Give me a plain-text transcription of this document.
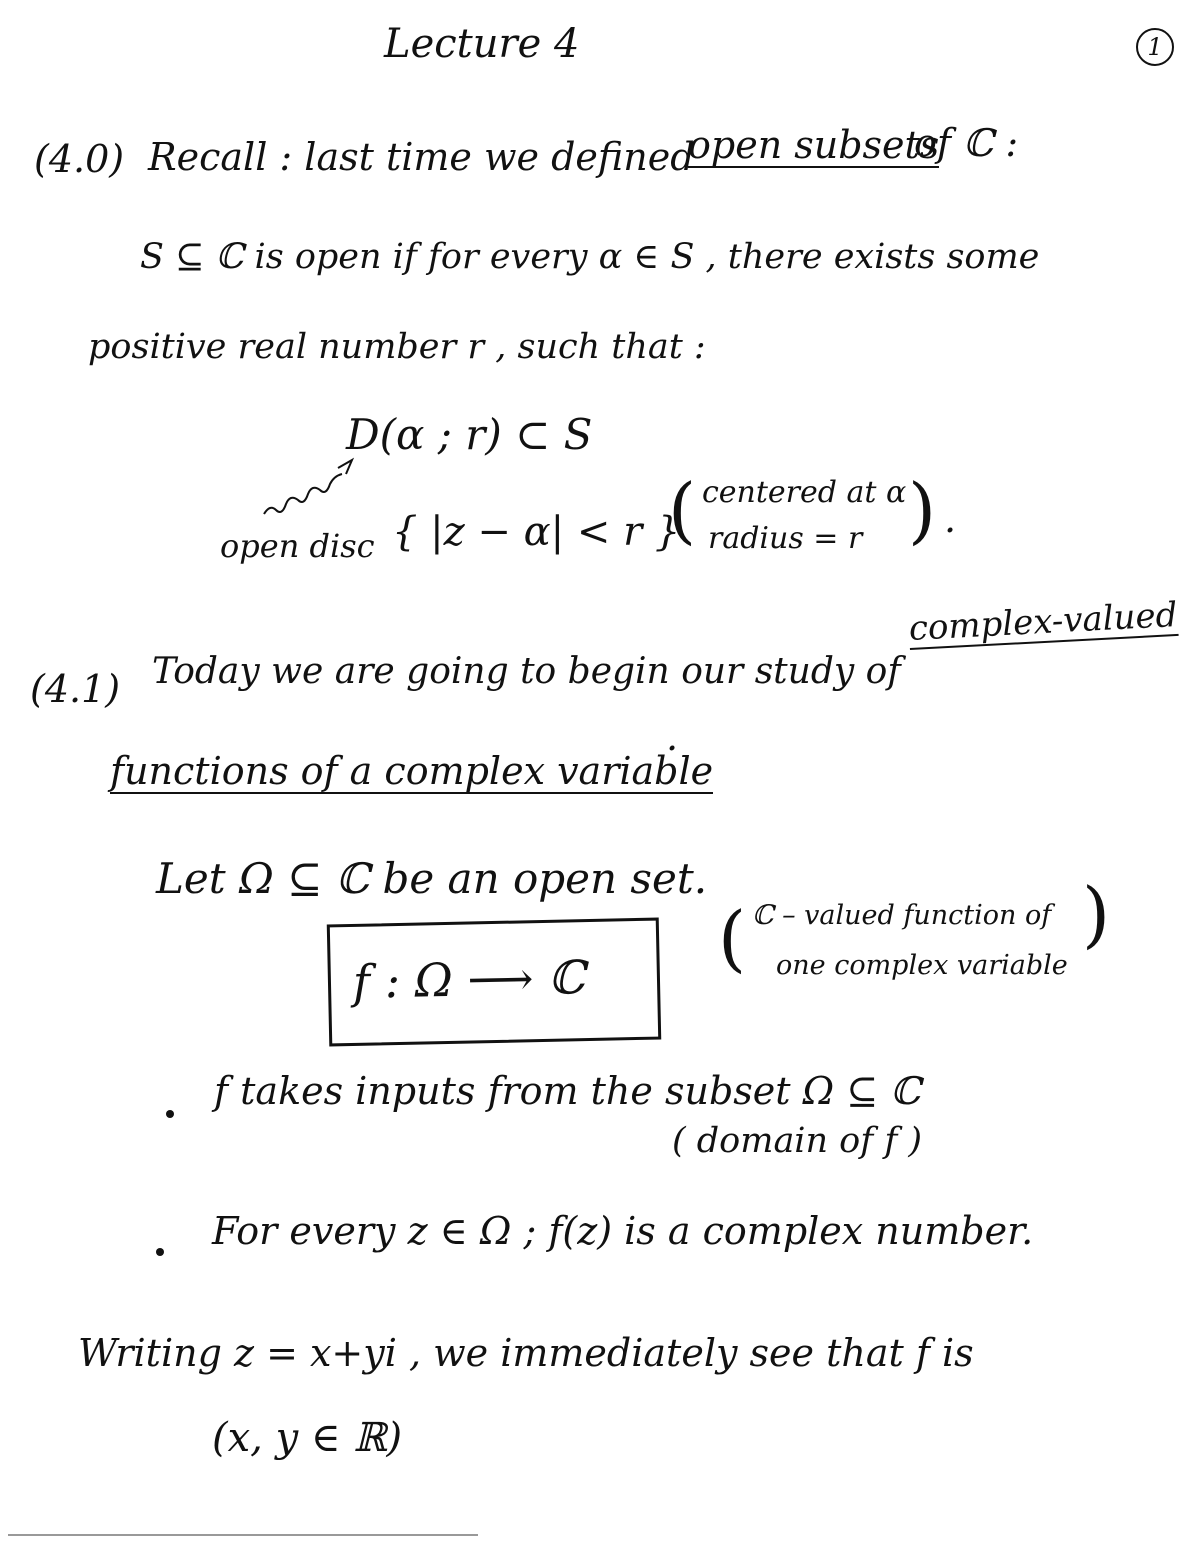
Lecture 4	1
(4.0) Recall : last time we defined
open subsets
of ℂ :
S ⊆ ℂ is open if for every α ∈ S , there exists some
positive real number r , such that :
D(α ; r) ⊂ S
open disc { |z − α| < r }
( centered at α
radius = r ) .
(4.1) Today we are going to begin our study of
complex-valued
functions of a complex variable
.
Let Ω ⊆ ℂ be an open set.
f : Ω ⟶ ℂ ( ℂ – valued function of
one complex variable
)
f takes inputs from the subset Ω ⊆ ℂ
( domain of f )
For every z ∈ Ω ; f(z) is a complex number.
Writing z = x+yi , we immediately see that f is
(x, y ∈ ℝ)
